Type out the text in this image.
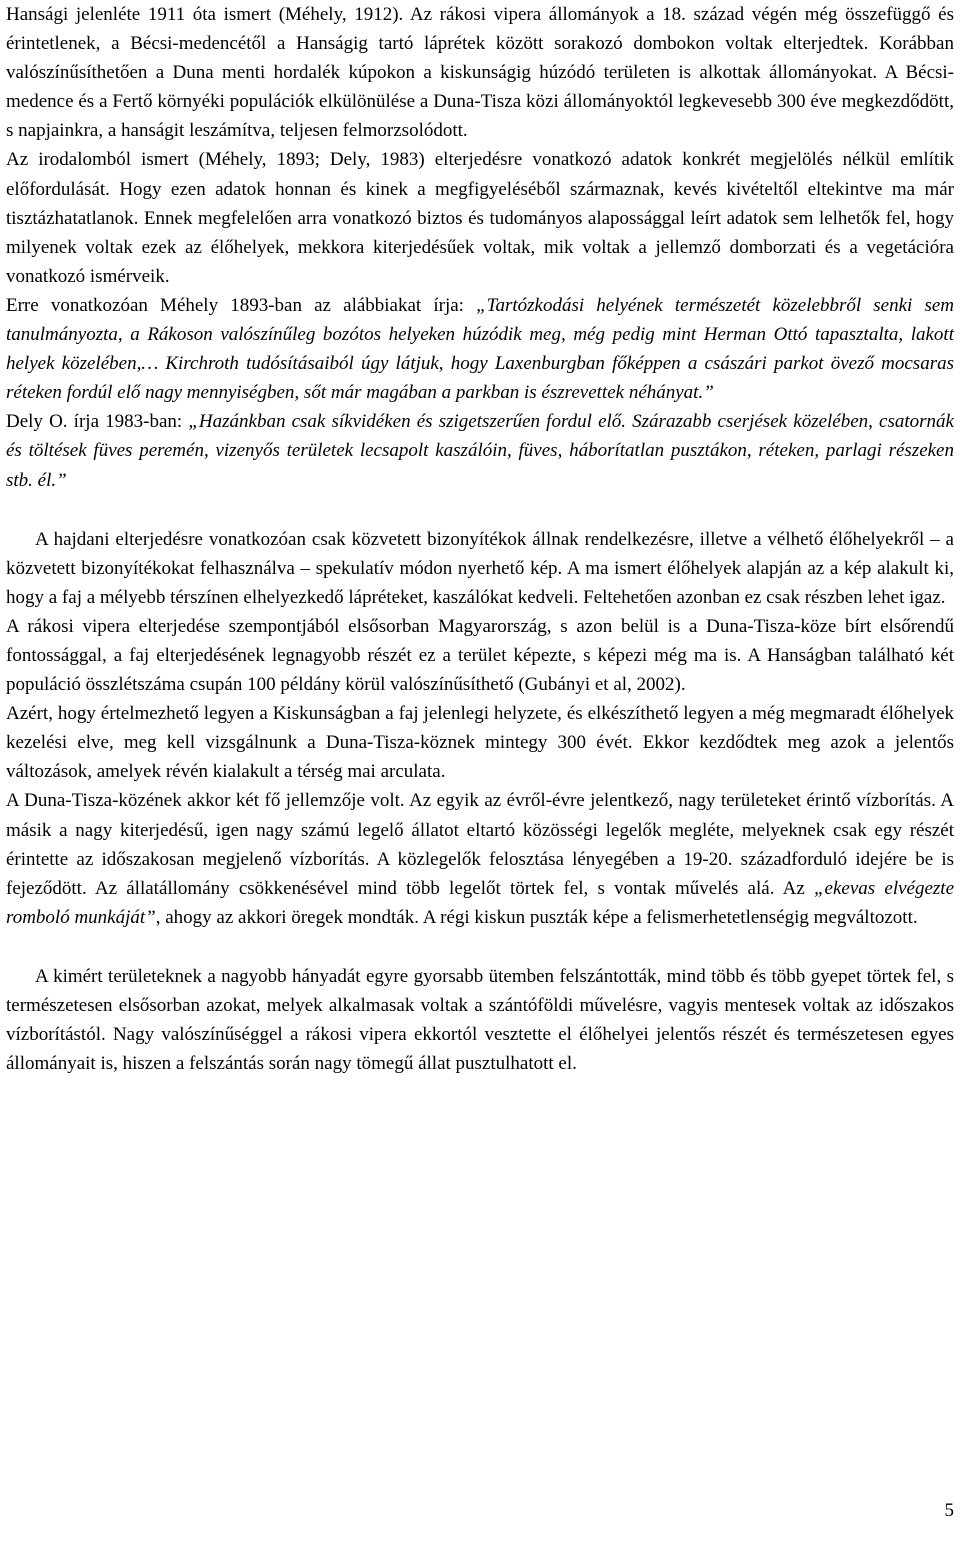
Hansági jelenléte 1911 óta ismert (Méhely, 1912). Az rákosi vipera állományok a 18. század végén még összefüggő és érintetlenek, a Bécsi-medencétől a Hanságig tartó láprétek között sorakozó dombokon voltak elterjedtek. Korábban valószínűsíthetően a Duna menti hordalék kúpokon a kiskunságig húzódó területen is alkottak állományokat. A Bécsi-medence és a Fertő környéki populációk elkülönülése a Duna-Tisza közi állományoktól legkevesebb 300 éve megkezdődött, s napjainkra, a hanságit leszámítva, teljesen felmorzsolódott.

Az irodalomból ismert (Méhely, 1893; Dely, 1983) elterjedésre vonatkozó adatok konkrét megjelölés nélkül említik előfordulását. Hogy ezen adatok honnan és kinek a megfigyeléséből származnak, kevés kivételtől eltekintve ma már tisztázhatatlanok. Ennek megfelelően arra vonatkozó biztos és tudományos alapossággal leírt adatok sem lelhetők fel, hogy milyenek voltak ezek az élőhelyek, mekkora kiterjedésűek voltak, mik voltak a jellemző domborzati és a vegetációra vonatkozó ismérveik.

Erre vonatkozóan Méhely 1893-ban az alábbiakat írja: „Tartózkodási helyének természetét közelebbről senki sem tanulmányozta, a Rákoson valószínűleg bozótos helyeken húzódik meg, még pedig mint Herman Ottó tapasztalta, lakott helyek közelében,… Kirchroth tudósításaiból úgy látjuk, hogy Laxenburgban főképpen a császári parkot övező mocsaras réteken fordúl elő nagy mennyiségben, sőt már magában a parkban is észrevettek néhányat.”

Dely O. írja 1983-ban: „Hazánkban csak síkvidéken és szigetszerűen fordul elő. Szárazabb cserjések közelében, csatornák és töltések füves peremén, vizenyős területek lecsapolt kaszálóin, füves, háborítatlan pusztákon, réteken, parlagi részeken stb. él.”

A hajdani elterjedésre vonatkozóan csak közvetett bizonyítékok állnak rendelkezésre, illetve a vélhető élőhelyekről – a közvetett bizonyítékokat felhasználva – spekulatív módon nyerhető kép. A ma ismert élőhelyek alapján az a kép alakult ki, hogy a faj a mélyebb térszínen elhelyezkedő lápréteket, kaszálókat kedveli. Feltehetően azonban ez csak részben lehet igaz.

A rákosi vipera elterjedése szempontjából elsősorban Magyarország, s azon belül is a Duna-Tisza-köze bírt elsőrendű fontossággal, a faj elterjedésének legnagyobb részét ez a terület képezte, s képezi még ma is. A Hanságban található két populáció összlétszáma csupán 100 példány körül valószínűsíthető (Gubányi et al, 2002).

Azért, hogy értelmezhető legyen a Kiskunságban a faj jelenlegi helyzete, és elkészíthető legyen a még megmaradt élőhelyek kezelési elve, meg kell vizsgálnunk a Duna-Tisza-köznek mintegy 300 évét. Ekkor kezdődtek meg azok a jelentős változások, amelyek révén kialakult a térség mai arculata.

A Duna-Tisza-közének akkor két fő jellemzője volt. Az egyik az évről-évre jelentkező, nagy területeket érintő vízborítás. A másik a nagy kiterjedésű, igen nagy számú legelő állatot eltartó közösségi legelők megléte, melyeknek csak egy részét érintette az időszakosan megjelenő vízborítás. A közlegelők felosztása lényegében a 19-20. századforduló idejére be is fejeződött. Az állatállomány csökkenésével mind több legelőt törtek fel, s vontak művelés alá. Az „ekevas elvégezte romboló munkáját”, ahogy az akkori öregek mondták. A régi kiskun puszták képe a felismerhetetlenségig megváltozott.

A kimért területeknek a nagyobb hányadát egyre gyorsabb ütemben felszántották, mind több és több gyepet törtek fel, s természetesen elsősorban azokat, melyek alkalmasak voltak a szántóföldi művelésre, vagyis mentesek voltak az időszakos vízborítástól. Nagy valószínűséggel a rákosi vipera ekkortól vesztette el élőhelyei jelentős részét és természetesen egyes állományait is, hiszen a felszántás során nagy tömegű állat pusztulhatott el.

5
